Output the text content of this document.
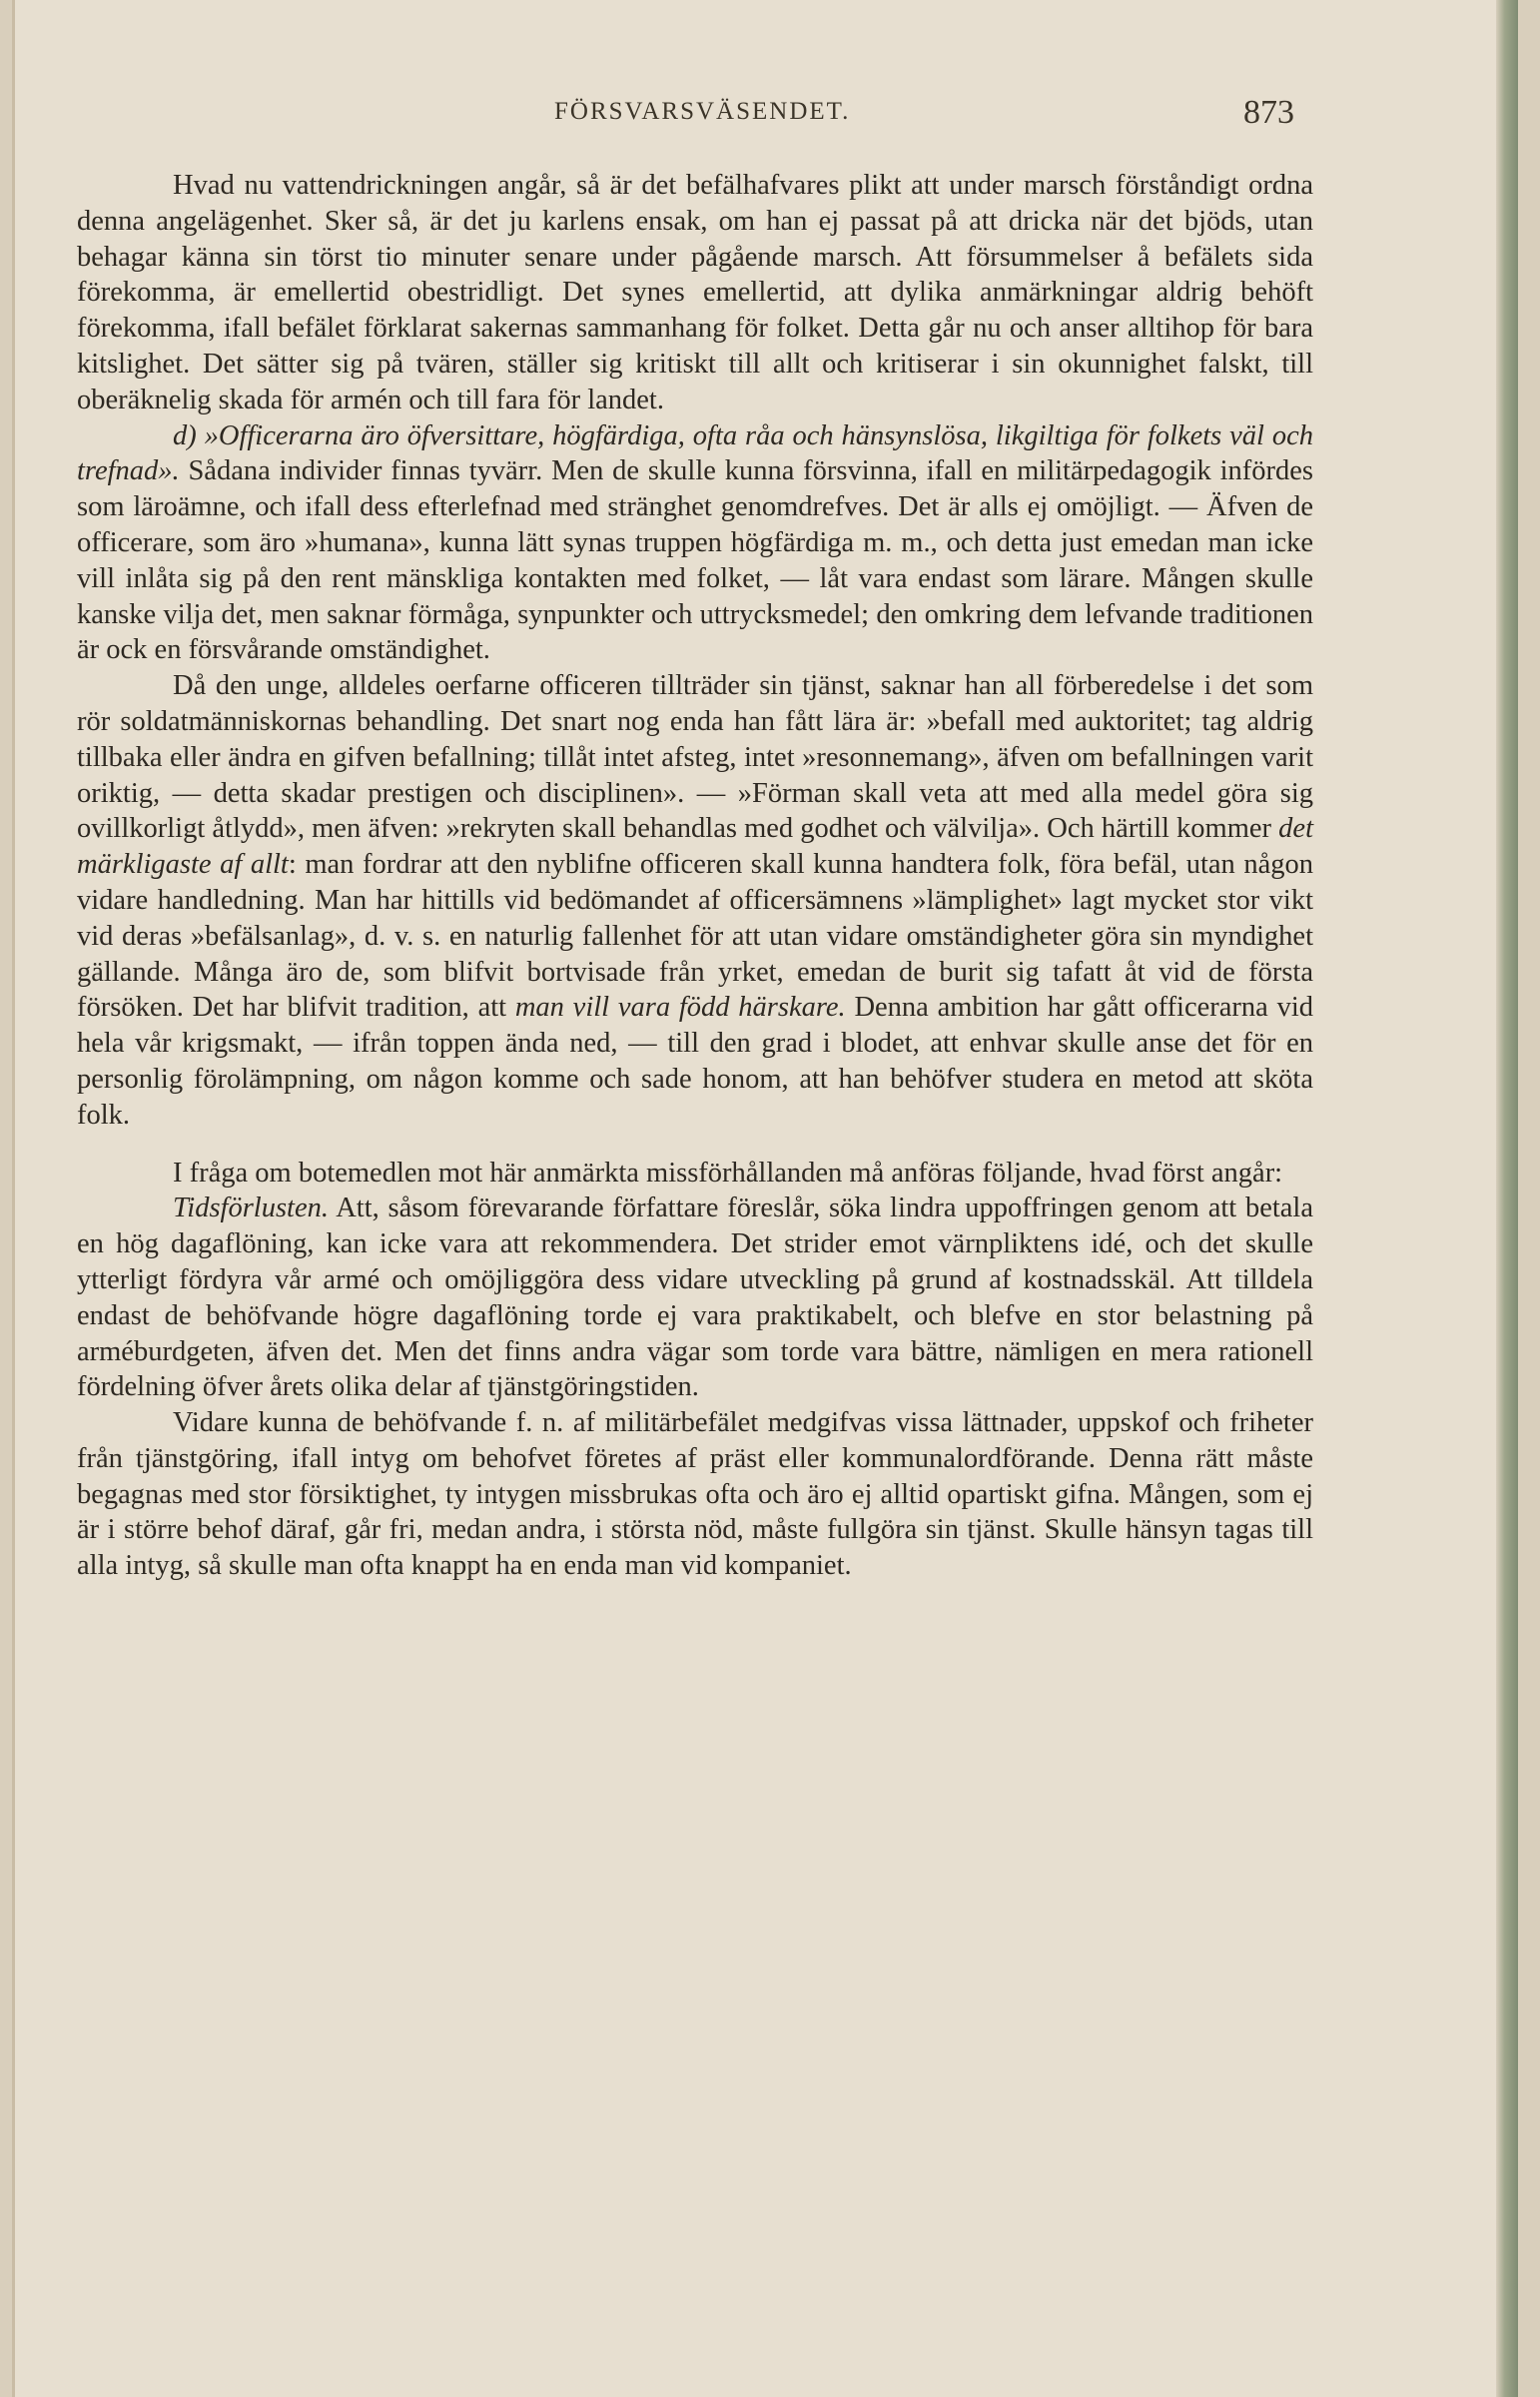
FÖRSVARSVÄSENDET.	873

Hvad nu vattendrickningen angår, så är det befälhafvares plikt att under marsch förståndigt ordna denna angelägenhet. Sker så, är det ju karlens ensak, om han ej passat på att dricka när det bjöds, utan behagar känna sin törst tio minuter senare under pågående marsch. Att försummelser å befälets sida förekomma, är emellertid obestridligt. Det synes emellertid, att dylika anmärkningar aldrig behöft förekomma, ifall befälet förklarat sakernas sammanhang för folket. Detta går nu och anser alltihop för bara kitslighet. Det sätter sig på tvären, ställer sig kritiskt till allt och kritiserar i sin okunnighet falskt, till oberäknelig skada för armén och till fara för landet.

d) »Officerarna äro öfversittare, högfärdiga, ofta råa och hänsynslösa, likgiltiga för folkets väl och trefnad». Sådana individer finnas tyvärr. Men de skulle kunna försvinna, ifall en militärpedagogik infördes som läroämne, och ifall dess efterlefnad med stränghet genomdrefves. Det är alls ej omöjligt. — Äfven de officerare, som äro »humana», kunna lätt synas truppen högfärdiga m. m., och detta just emedan man icke vill inlåta sig på den rent mänskliga kontakten med folket, — låt vara endast som lärare. Mången skulle kanske vilja det, men saknar förmåga, synpunkter och uttrycksmedel; den omkring dem lefvande traditionen är ock en försvårande omständighet.

Då den unge, alldeles oerfarne officeren tillträder sin tjänst, saknar han all förberedelse i det som rör soldatmänniskornas behandling. Det snart nog enda han fått lära är: »befall med auktoritet; tag aldrig tillbaka eller ändra en gifven befallning; tillåt intet afsteg, intet »resonnemang», äfven om befallningen varit oriktig, — detta skadar prestigen och disciplinen». — »Förman skall veta att med alla medel göra sig ovillkorligt åtlydd», men äfven: »rekryten skall behandlas med godhet och välvilja». Och härtill kommer det märkligaste af allt: man fordrar att den nyblifne officeren skall kunna handtera folk, föra befäl, utan någon vidare handledning. Man har hittills vid bedömandet af officersämnens »lämplighet» lagt mycket stor vikt vid deras »befälsanlag», d. v. s. en naturlig fallenhet för att utan vidare omständigheter göra sin myndighet gällande. Många äro de, som blifvit bortvisade från yrket, emedan de burit sig tafatt åt vid de första försöken. Det har blifvit tradition, att man vill vara född härskare. Denna ambition har gått officerarna vid hela vår krigsmakt, — ifrån toppen ända ned, — till den grad i blodet, att enhvar skulle anse det för en personlig förolämpning, om någon komme och sade honom, att han behöfver studera en metod att sköta folk.

I fråga om botemedlen mot här anmärkta missförhållanden må anföras följande, hvad först angår:

Tidsförlusten. Att, såsom förevarande författare föreslår, söka lindra uppoffringen genom att betala en hög dagaflöning, kan icke vara att rekommendera. Det strider emot värnpliktens idé, och det skulle ytterligt fördyra vår armé och omöjliggöra dess vidare utveckling på grund af kostnadsskäl. Att tilldela endast de behöfvande högre dagaflöning torde ej vara praktikabelt, och blefve en stor belastning på arméburdgeten, äfven det. Men det finns andra vägar som torde vara bättre, nämligen en mera rationell fördelning öfver årets olika delar af tjänstgöringstiden.

Vidare kunna de behöfvande f. n. af militärbefälet medgifvas vissa lättnader, uppskof och friheter från tjänstgöring, ifall intyg om behofvet företes af präst eller kommunalordförande. Denna rätt måste begagnas med stor försiktighet, ty intygen missbrukas ofta och äro ej alltid opartiskt gifna. Mången, som ej är i större behof däraf, går fri, medan andra, i största nöd, måste fullgöra sin tjänst. Skulle hänsyn tagas till alla intyg, så skulle man ofta knappt ha en enda man vid kompaniet.
